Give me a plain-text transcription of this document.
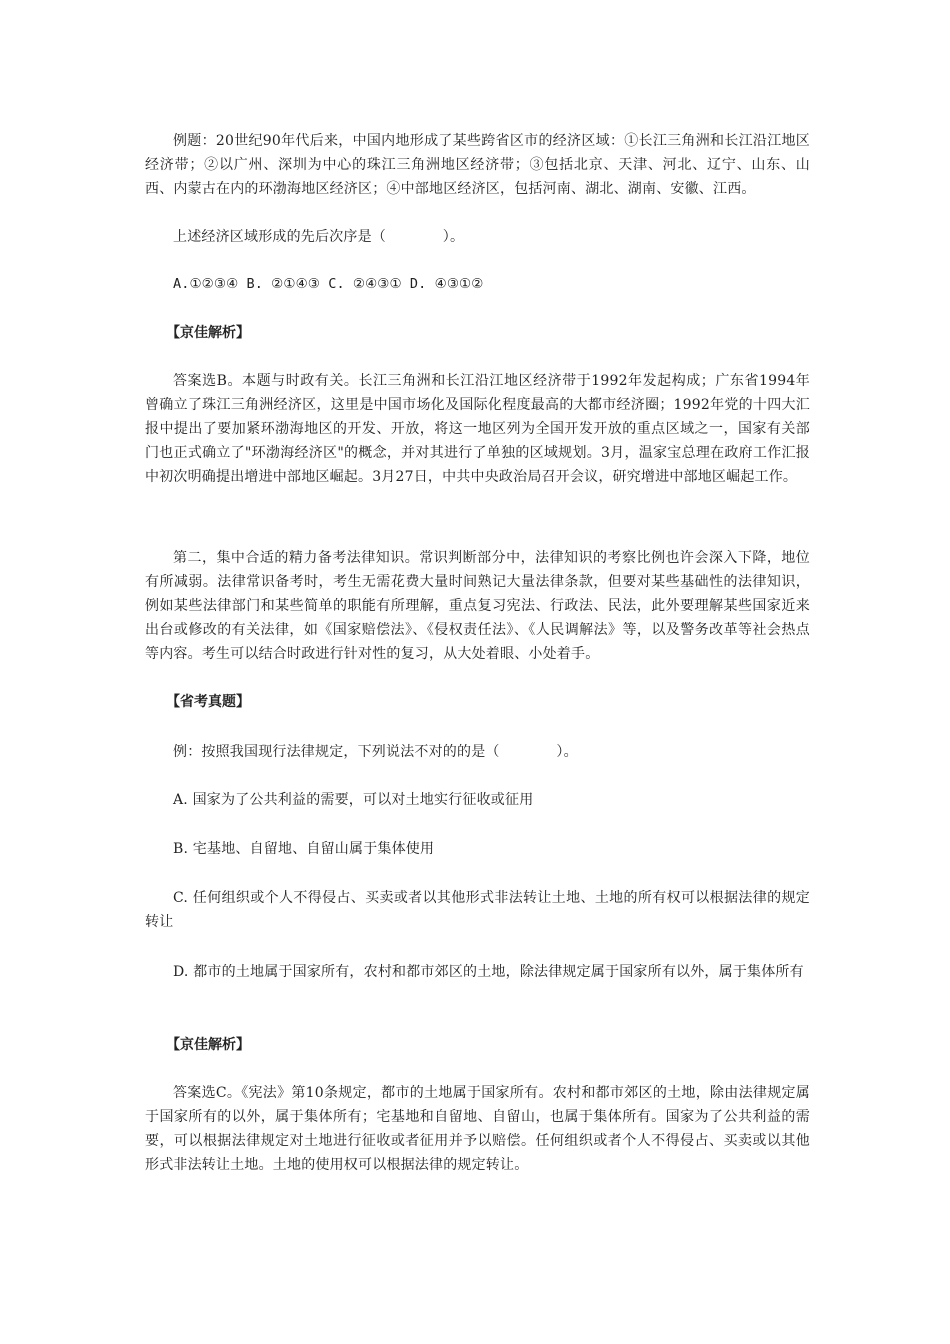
例题：20世纪90年代后来，中国内地形成了某些跨省区市的经济区域：①长江三角洲和长江沿江地区经济带；②以广州、深圳为中心的珠江三角洲地区经济带；③包括北京、天津、河北、辽宁、山东、山西、内蒙古在内的环渤海地区经济区；④中部地区经济区，包括河南、湖北、湖南、安徽、江西。
上述经济区域形成的先后次序是（　　　　）。
A.①②③④ B. ②①④③ C. ②④③① D. ④③①②
【京佳解析】
答案选B。本题与时政有关。长江三角洲和长江沿江地区经济带于1992年发起构成；广东省1994年曾确立了珠江三角洲经济区，这里是中国市场化及国际化程度最高的大都市经济圈；1992年党的十四大汇报中提出了要加紧环渤海地区的开发、开放，将这一地区列为全国开发开放的重点区域之一，国家有关部门也正式确立了"环渤海经济区"的概念，并对其进行了单独的区域规划。3月，温家宝总理在政府工作汇报中初次明确提出增进中部地区崛起。3月27日，中共中央政治局召开会议，研究增进中部地区崛起工作。
第二，集中合适的精力备考法律知识。常识判断部分中，法律知识的考察比例也许会深入下降，地位有所减弱。法律常识备考时，考生无需花费大量时间熟记大量法律条款，但要对某些基础性的法律知识，例如某些法律部门和某些简单的职能有所理解，重点复习宪法、行政法、民法，此外要理解某些国家近来出台或修改的有关法律，如《国家赔偿法》、《侵权责任法》、《人民调解法》等，以及警务改革等社会热点等内容。考生可以结合时政进行针对性的复习，从大处着眼、小处着手。
【省考真题】
例：按照我国现行法律规定，下列说法不对的的是（　　　　）。
A. 国家为了公共利益的需要，可以对土地实行征收或征用
B. 宅基地、自留地、自留山属于集体使用
C. 任何组织或个人不得侵占、买卖或者以其他形式非法转让土地、土地的所有权可以根据法律的规定转让
D. 都市的土地属于国家所有，农村和都市郊区的土地，除法律规定属于国家所有以外，属于集体所有
【京佳解析】
答案选C。《宪法》第10条规定，都市的土地属于国家所有。农村和都市郊区的土地，除由法律规定属于国家所有的以外，属于集体所有；宅基地和自留地、自留山，也属于集体所有。国家为了公共利益的需要，可以根据法律规定对土地进行征收或者征用并予以赔偿。任何组织或者个人不得侵占、买卖或以其他形式非法转让土地。土地的使用权可以根据法律的规定转让。
